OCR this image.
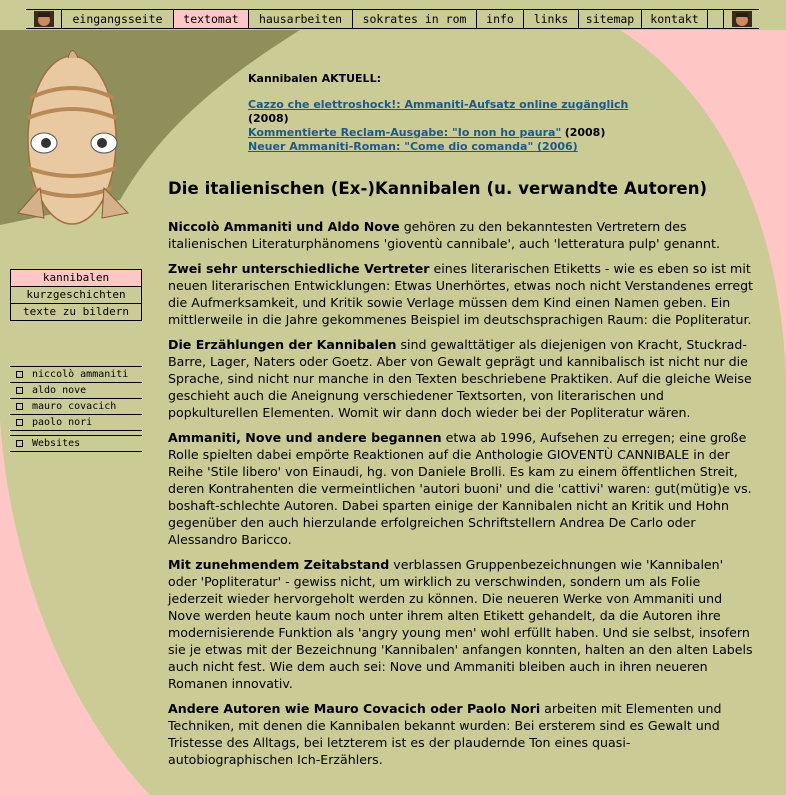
eingangsseite	textomat	hausarbeiten	sokrates in rom	info	links	sitemap	kontakt
kannibalen
kurzgeschichten
texte zu bildern
niccolò ammaniti
aldo nove
mauro covacich
paolo nori
Websites
Kannibalen AKTUELL:
Cazzo che elettroshock!: Ammaniti-Aufsatz online zugänglich (2008)
Kommentierte Reclam-Ausgabe: "Io non ho paura" (2008)
Neuer Ammaniti-Roman: "Come dio comanda" (2006)
Die italienischen (Ex-)Kannibalen (u. verwandte Autoren)

Niccolò Ammaniti und Aldo Nove gehören zu den bekanntesten Vertretern des italienischen Literaturphänomens 'gioventù cannibale', auch 'letteratura pulp' genannt.

Zwei sehr unterschiedliche Vertreter eines literarischen Etiketts - wie es eben so ist mit neuen literarischen Entwicklungen: Etwas Unerhörtes, etwas noch nicht Verstandenes erregt die Aufmerksamkeit, und Kritik sowie Verlage müssen dem Kind einen Namen geben. Ein mittlerweile in die Jahre gekommenes Beispiel im deutschsprachigen Raum: die Popliteratur.

Die Erzählungen der Kannibalen sind gewalttätiger als diejenigen von Kracht, Stuckrad-Barre, Lager, Naters oder Goetz. Aber von Gewalt geprägt und kannibalisch ist nicht nur die Sprache, sind nicht nur manche in den Texten beschriebene Praktiken. Auf die gleiche Weise geschieht auch die Aneignung verschiedener Textsorten, von literarischen und popkulturellen Elementen. Womit wir dann doch wieder bei der Popliteratur wären.

Ammaniti, Nove und andere begannen etwa ab 1996, Aufsehen zu erregen; eine große Rolle spielten dabei empörte Reaktionen auf die Anthologie GIOVENTÙ CANNIBALE in der Reihe 'Stile libero' von Einaudi, hg. von Daniele Brolli. Es kam zu einem öffentlichen Streit, deren Kontrahenten die vermeintlichen 'autori buoni' und die 'cattivi' waren: gut(mütig)e vs. boshaft-schlechte Autoren. Dabei sparten einige der Kannibalen nicht an Kritik und Hohn gegenüber den auch hierzulande erfolgreichen Schriftstellern Andrea De Carlo oder Alessandro Baricco.

Mit zunehmendem Zeitabstand verblassen Gruppenbezeichnungen wie 'Kannibalen' oder 'Popliteratur' - gewiss nicht, um wirklich zu verschwinden, sondern um als Folie jederzeit wieder hervorgeholt werden zu können. Die neueren Werke von Ammaniti und Nove werden heute kaum noch unter ihrem alten Etikett gehandelt, da die Autoren ihre modernisierende Funktion als 'angry young men' wohl erfüllt haben. Und sie selbst, insofern sie je etwas mit der Bezeichnung 'Kannibalen' anfangen konnten, halten an den alten Labels auch nicht fest. Wie dem auch sei: Nove und Ammaniti bleiben auch in ihren neueren Romanen innovativ.

Andere Autoren wie Mauro Covacich oder Paolo Nori arbeiten mit Elementen und Techniken, mit denen die Kannibalen bekannt wurden: Bei ersterem sind es Gewalt und Tristesse des Alltags, bei letzterem ist es der plaudernde Ton eines quasi-autobiographischen Ich-Erzählers.
